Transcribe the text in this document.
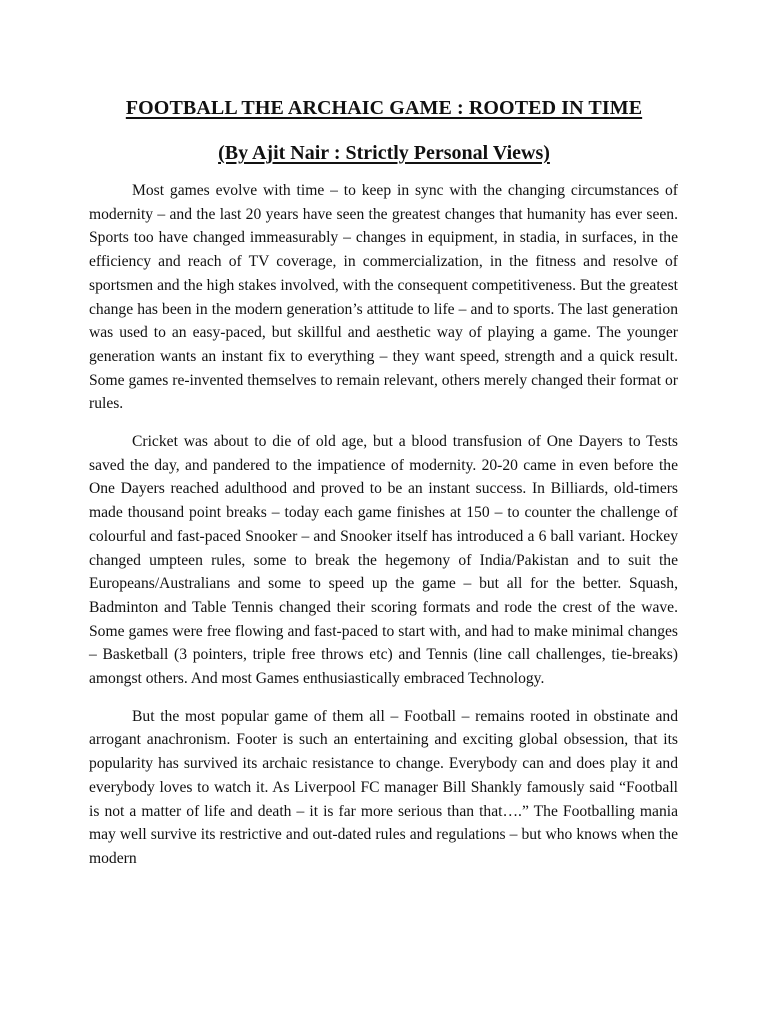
FOOTBALL THE ARCHAIC GAME : ROOTED IN TIME
(By Ajit Nair : Strictly Personal Views)

Most games evolve with time – to keep in sync with the changing circumstances of modernity – and the last 20 years have seen the greatest changes that humanity has ever seen. Sports too have changed immeasurably – changes in equipment, in stadia, in surfaces, in the efficiency and reach of TV coverage, in commercialization, in the fitness and resolve of sportsmen and the high stakes involved, with the consequent competitiveness. But the greatest change has been in the modern generation’s attitude to life – and to sports. The last generation was used to an easy-paced, but skillful and aesthetic way of playing a game. The younger generation wants an instant fix to everything – they want speed, strength and a quick result. Some games re-invented themselves to remain relevant, others merely changed their format or rules.

Cricket was about to die of old age, but a blood transfusion of One Dayers to Tests saved the day, and pandered to the impatience of modernity. 20-20 came in even before the One Dayers reached adulthood and proved to be an instant success. In Billiards, old-timers made thousand point breaks – today each game finishes at 150 – to counter the challenge of colourful and fast-paced Snooker – and Snooker itself has introduced a 6 ball variant. Hockey changed umpteen rules, some to break the hegemony of India/Pakistan and to suit the Europeans/Australians and some to speed up the game – but all for the better. Squash, Badminton and Table Tennis changed their scoring formats and rode the crest of the wave. Some games were free flowing and fast-paced to start with, and had to make minimal changes – Basketball (3 pointers, triple free throws etc) and Tennis (line call challenges, tie-breaks) amongst others. And most Games enthusiastically embraced Technology.

But the most popular game of them all – Football – remains rooted in obstinate and arrogant anachronism. Footer is such an entertaining and exciting global obsession, that its popularity has survived its archaic resistance to change. Everybody can and does play it and everybody loves to watch it. As Liverpool FC manager Bill Shankly famously said “Football is not a matter of life and death – it is far more serious than that….” The Footballing mania may well survive its restrictive and out-dated rules and regulations – but who knows when the modern
